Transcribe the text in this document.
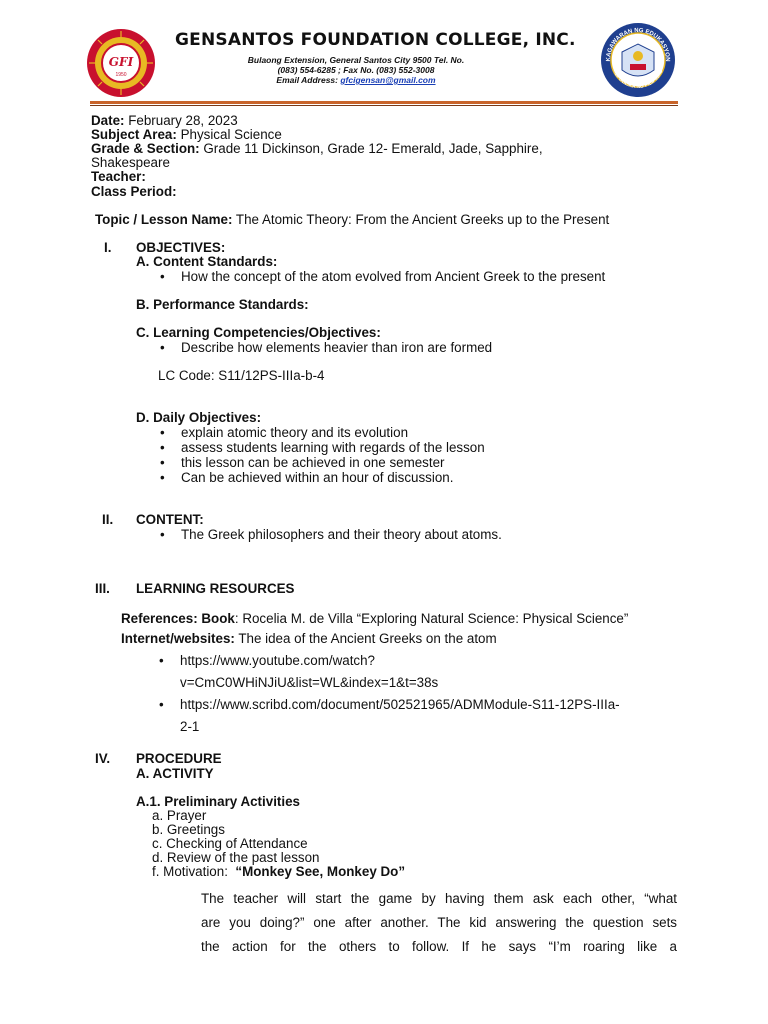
GFI
1950
GENSANTOS FOUNDATION COLLEGE, INC.
Bulaong Extension, General Santos City 9500 Tel. No.
(083) 554-6285 ; Fax No. (083) 552-3008
Email Address: gfcigensan@gmail.com
KAGAWARAN NG EDUKASYON
REPUBLIKA NG PILIPINAS
Date: February 28, 2023
Subject Area: Physical Science
Grade & Section: Grade 11 Dickinson, Grade 12- Emerald, Jade, Sapphire,
Shakespeare
Teacher:
Class Period:
Topic / Lesson Name: The Atomic Theory: From the Ancient Greeks up to the Present
I. OBJECTIVES:
A. Content Standards:
• How the concept of the atom evolved from Ancient Greek to the present
B. Performance Standards:
C. Learning Competencies/Objectives:
• Describe how elements heavier than iron are formed
LC Code: S11/12PS-IIIa-b-4
D. Daily Objectives:
• explain atomic theory and its evolution
• assess students learning with regards of the lesson
• this lesson can be achieved in one semester
• Can be achieved within an hour of discussion.
II. CONTENT:
• The Greek philosophers and their theory about atoms.
III. LEARNING RESOURCES
References: Book: Rocelia M. de Villa “Exploring Natural Science: Physical Science”
Internet/websites: The idea of the Ancient Greeks on the atom
• https://www.youtube.com/watch?
v=CmC0WHiNJiU&list=WL&index=1&t=38s
• https://www.scribd.com/document/502521965/ADMModule-S11-12PS-IIIa-
2-1
IV. PROCEDURE
A. ACTIVITY
A.1. Preliminary Activities
a. Prayer
b. Greetings
c. Checking of Attendance
d. Review of the past lesson
f. Motivation: “Monkey See, Monkey Do”
The teacher will start the game by having them ask each other, “what
are you doing?” one after another. The kid answering the question sets
the action for the others to follow. If he says “I’m roaring like a
